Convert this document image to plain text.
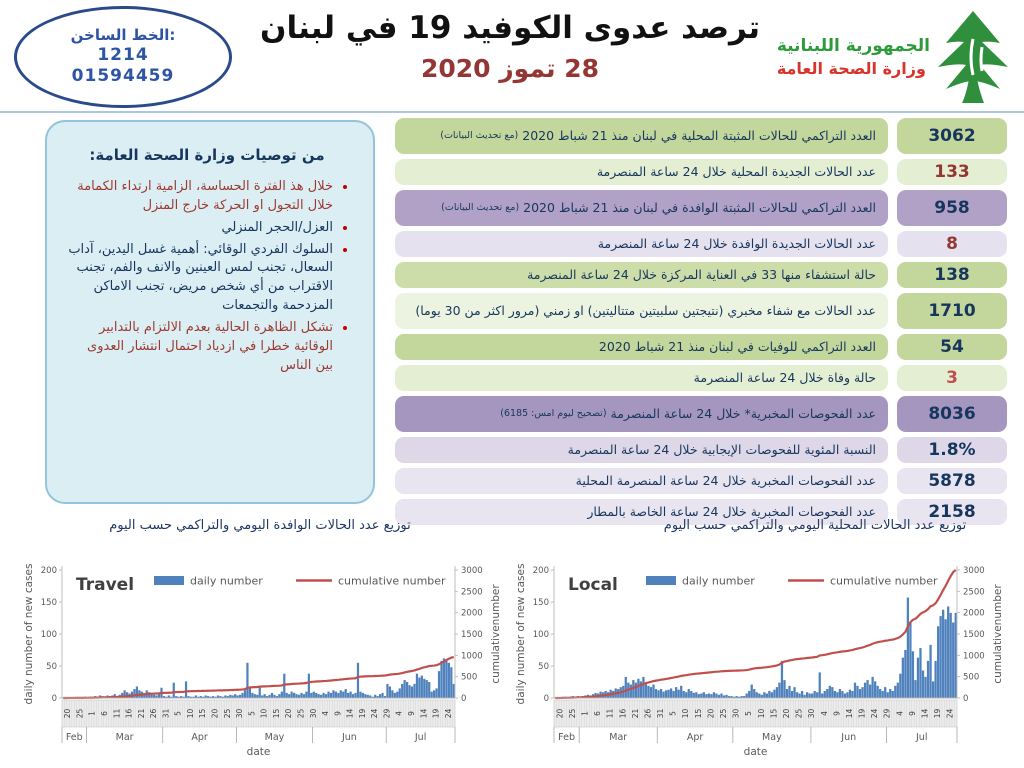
الخط الساخن:
1214
01594459
ترصد عدوى الكوفيد 19 في لبنان
28 تموز 2020
الجمهورية اللبنانية
وزارة الصحة العامة
من توصيات وزارة الصحة العامة:
• خلال هذ الفترة الحساسة، الزامية ارتداء الكمامة خلال التجول او الحركة خارج المنزل
• العزل/الحجر المنزلي
• السلوك الفردي الوقائي: أهمية غسل اليدين، آداب السعال، تجنب لمس العينين والانف والفم، تجنب الاقتراب من أي شخص مريض، تجنب الاماكن المزدحمة والتجمعات
• تشكل الظاهرة الحالية بعدم الالتزام بالتدابير الوقائية خطرا في ازدياد احتمال انتشار العدوى بين الناس
العدد التراكمي للحالات المثبتة المحلية في لبنان منذ 21 شباط 2020
(مع تحديث البيانات)	3062
عدد الحالات الجديدة المحلية خلال 24 ساعة المنصرمة	133
العدد التراكمي للحالات المثبتة الوافدة في لبنان منذ 21 شباط 2020
(مع تحديث البيانات)	958
عدد الحالات الجديدة الوافدة خلال 24 ساعة المنصرمة	8
حالة استشفاء منها 33 في العناية المركزة خلال 24 ساعة المنصرمة	138
عدد الحالات مع شفاء مخبري (نتيجتين سلبيتين متتاليتين) او زمني (مرور اكثر من 30 يوما)	1710
العدد التراكمي للوفيات في لبنان منذ 21 شباط 2020	54
حالة وفاة خلال 24 ساعة المنصرمة	3
عدد الفحوصات المخبرية* خلال 24 ساعة المنصرمة
(تصحيح ليوم امس: 6185)	8036
النسبة المئوية للفحوصات الإيجابية خلال 24 ساعة المنصرمة	1.8%
عدد الفحوصات المخبرية خلال 24 ساعة المنصرمة المحلية	5878
عدد الفحوصات المخبرية خلال 24 ساعة الخاصة بالمطار	2158
توزيع عدد الحالات الوافدة اليومي والتراكمي حسب اليوم	توزيع عدد الحالات المحلية اليومي والتراكمي حسب اليوم
20 25 1 6 11 16 21 26 31 5 10 15 20 25 30 5 10 15 20 25 30 4 9 14 19 24 29 4 9 14 19 24
Feb	Mar	Apr	May	Jun	Jul
date
0
50
100
150
200
0
500
1000
1500
2000
2500
3000
daily number of new cases	cumulativenumber
Travel	daily number	cumulative number
20 25 1 6 11 16 21 26 31 5 10 15 20 25 30 5 10 15 20 25 30 4 9 14 19 24 29 4 9 14 19 24
Feb	Mar	Apr	May	Jun	Jul
date
0
50
100
150
200
0
500
1000
1500
2000
2500
3000
daily number of new cases	cumulativenumber
Local	daily number	cumulative number
